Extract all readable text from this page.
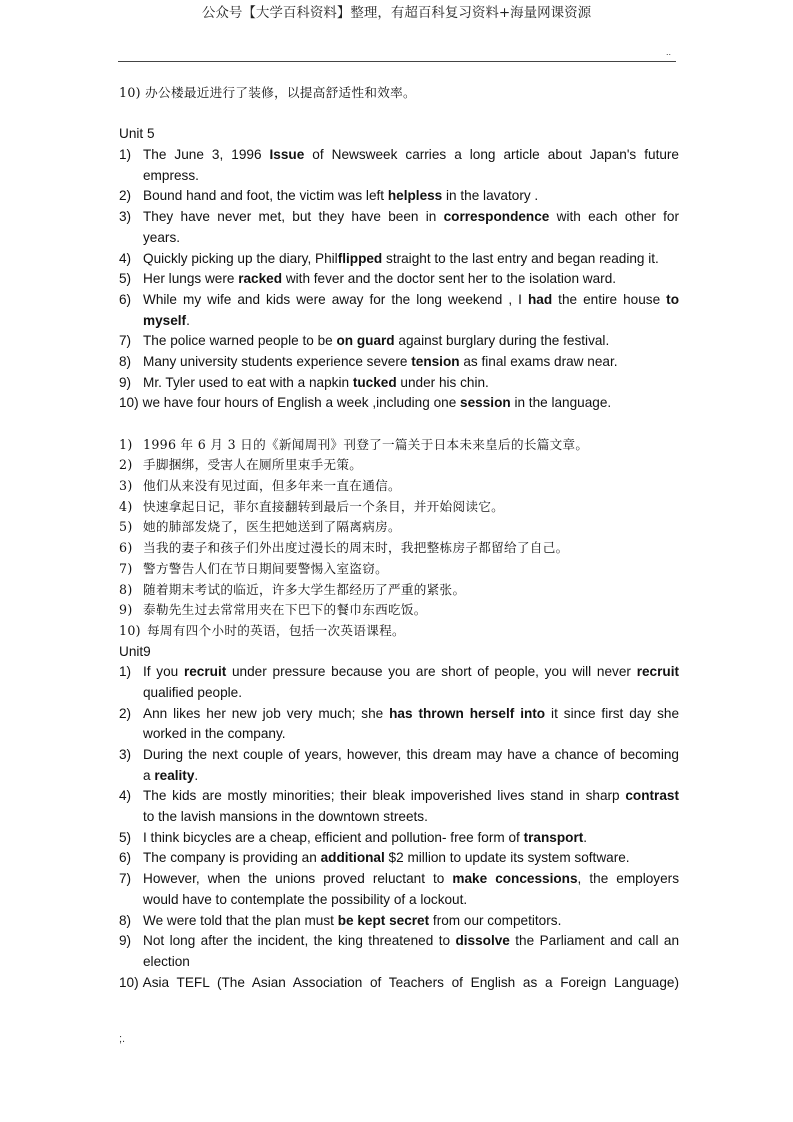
公众号【大学百科资料】整理，有超百科复习资料+海量网课资源
..
10) 办公楼最近进行了装修，以提高舒适性和效率。
Unit 5
1) The June 3, 1996 Issue of Newsweek carries a long article about Japan's future
empress.
2) Bound hand and foot, the victim was left helpless in the lavatory .
3) They have never met, but they have been in correspondence with each other for
years.
4) Quickly picking up the diary, Philflipped straight to the last entry and began reading it.
5) Her lungs were racked with fever and the doctor sent her to the isolation ward.
6) While my wife and kids were away for the long weekend , I had the entire house to
myself.
7) The police warned people to be on guard against burglary during the festival.
8) Many university students experience severe tension as final exams draw near.
9) Mr. Tyler used to eat with a napkin tucked under his chin.
10) we have four hours of English a week ,including one session in the language.
1) 1996 年 6 月 3 日的《新闻周刊》刊登了一篇关于日本未来皇后的长篇文章。
2) 手脚捆绑，受害人在厕所里束手无策。
3) 他们从来没有见过面，但多年来一直在通信。
4) 快速拿起日记，菲尔直接翻转到最后一个条目，并开始阅读它。
5) 她的肺部发烧了，医生把她送到了隔离病房。
6) 当我的妻子和孩子们外出度过漫长的周末时，我把整栋房子都留给了自己。
7) 警方警告人们在节日期间要警惕入室盗窃。
8) 随着期末考试的临近，许多大学生都经历了严重的紧张。
9) 泰勒先生过去常常用夹在下巴下的餐巾东西吃饭。
10) 每周有四个小时的英语，包括一次英语课程。
Unit9
1) If you recruit under pressure because you are short of people, you will never recruit
qualified people.
2) Ann likes her new job very much; she has thrown herself into it since first day she
worked in the company.
3) During the next couple of years, however, this dream may have a chance of becoming
a reality.
4) The kids are mostly minorities; their bleak impoverished lives stand in sharp contrast
to the lavish mansions in the downtown streets.
5) I think bicycles are a cheap, efficient and pollution- free form of transport.
6) The company is providing an additional $2 million to update its system software.
7) However, when the unions proved reluctant to make concessions, the employers
would have to contemplate the possibility of a lockout.
8) We were told that the plan must be kept secret from our competitors.
9) Not long after the incident, the king threatened to dissolve the Parliament and call an
election
10) Asia TEFL (The Asian Association of Teachers of English as a Foreign Language)
;.
